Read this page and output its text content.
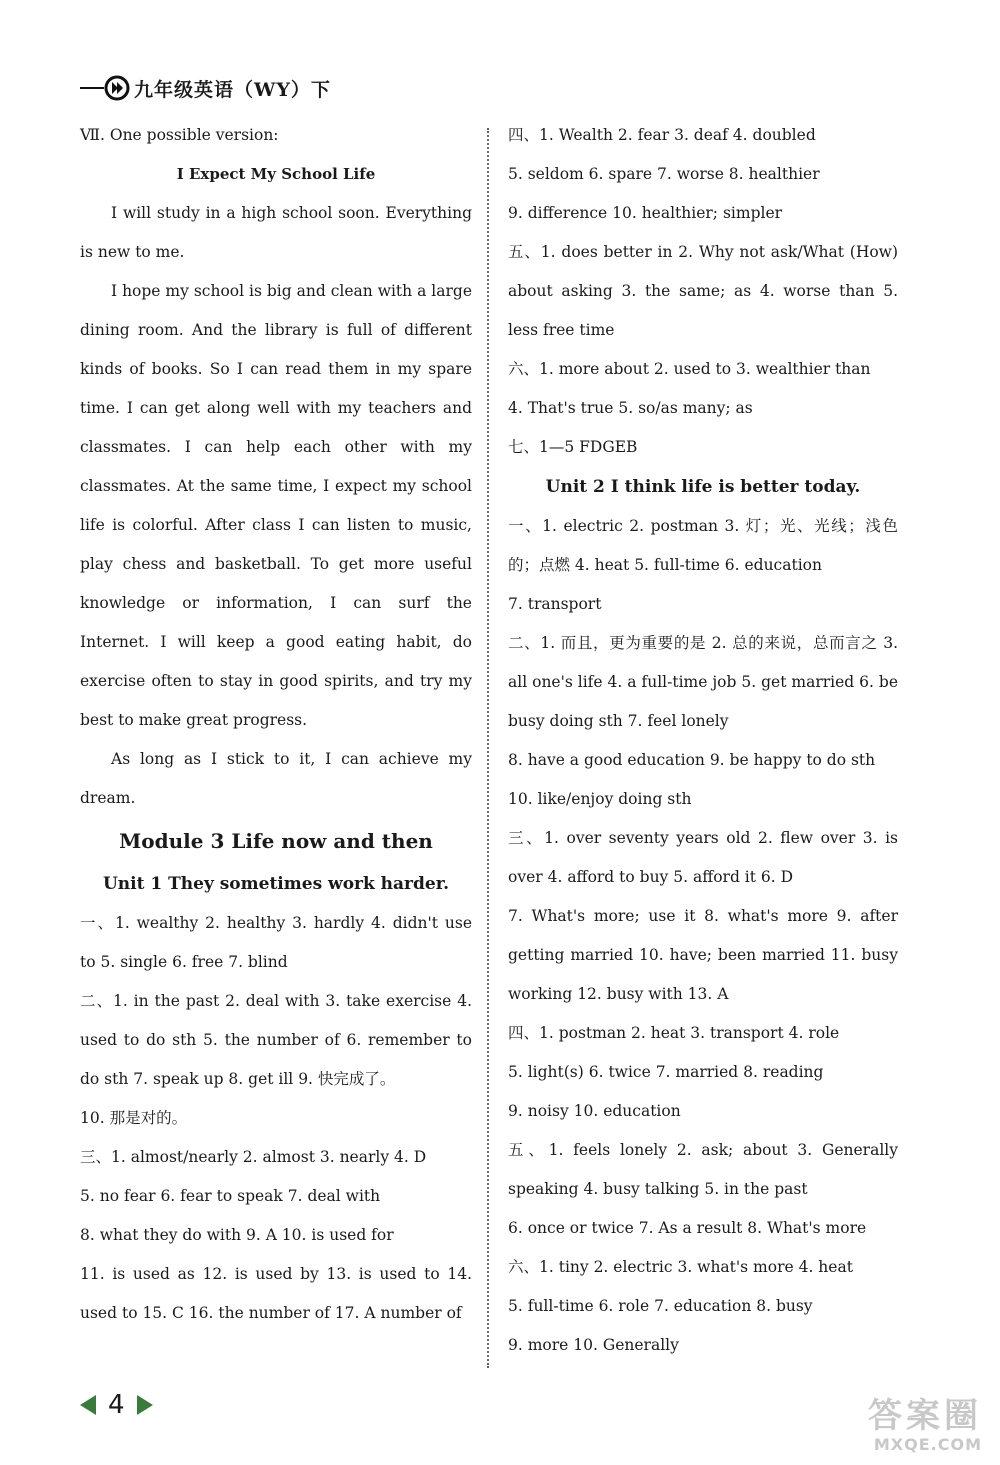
九年级英语（WY）下

Ⅶ. One possible version:

I Expect My School Life

I will study in a high school soon. Everything is new to me.

I hope my school is big and clean with a large dining room. And the library is full of different kinds of books. So I can read them in my spare time. I can get along well with my teachers and classmates. I can help each other with my classmates. At the same time, I expect my school life is colorful. After class I can listen to music, play chess and basketball. To get more useful knowledge or information, I can surf the Internet. I will keep a good eating habit, do exercise often to stay in good spirits, and try my best to make great progress.

As long as I stick to it, I can achieve my dream.

Module 3 Life now and then

Unit 1 They sometimes work harder.

一、1. wealthy 2. healthy 3. hardly 4. didn't use to 5. single 6. free 7. blind

二、1. in the past 2. deal with 3. take exercise 4. used to do sth 5. the number of 6. remember to do sth 7. speak up 8. get ill 9. 快完成了。

10. 那是对的。

三、1. almost/nearly 2. almost 3. nearly 4. D

5. no fear 6. fear to speak 7. deal with

8. what they do with 9. A 10. is used for

11. is used as 12. is used by 13. is used to 14. used to 15. C 16. the number of 17. A number of

四、1. Wealth 2. fear 3. deaf 4. doubled

5. seldom 6. spare 7. worse 8. healthier

9. difference 10. healthier; simpler

五、1. does better in 2. Why not ask/What (How) about asking 3. the same; as 4. worse than 5. less free time

六、1. more about 2. used to 3. wealthier than

4. That's true 5. so/as many; as

七、1—5 FDGEB

Unit 2 I think life is better today.

一、1. electric 2. postman 3. 灯；光、光线；浅色的；点燃 4. heat 5. full-time 6. education

7. transport

二、1. 而且，更为重要的是 2. 总的来说，总而言之 3. all one's life 4. a full-time job 5. get married 6. be busy doing sth 7. feel lonely

8. have a good education 9. be happy to do sth

10. like/enjoy doing sth

三、1. over seventy years old 2. flew over 3. is over 4. afford to buy 5. afford it 6. D

7. What's more; use it 8. what's more 9. after getting married 10. have; been married 11. busy working 12. busy with 13. A

四、1. postman 2. heat 3. transport 4. role

5. light(s) 6. twice 7. married 8. reading

9. noisy 10. education

五、1. feels lonely 2. ask; about 3. Generally speaking 4. busy talking 5. in the past

6. once or twice 7. As a result 8. What's more

六、1. tiny 2. electric 3. what's more 4. heat

5. full-time 6. role 7. education 8. busy

9. more 10. Generally

4	答案圈
MXQE.COM
